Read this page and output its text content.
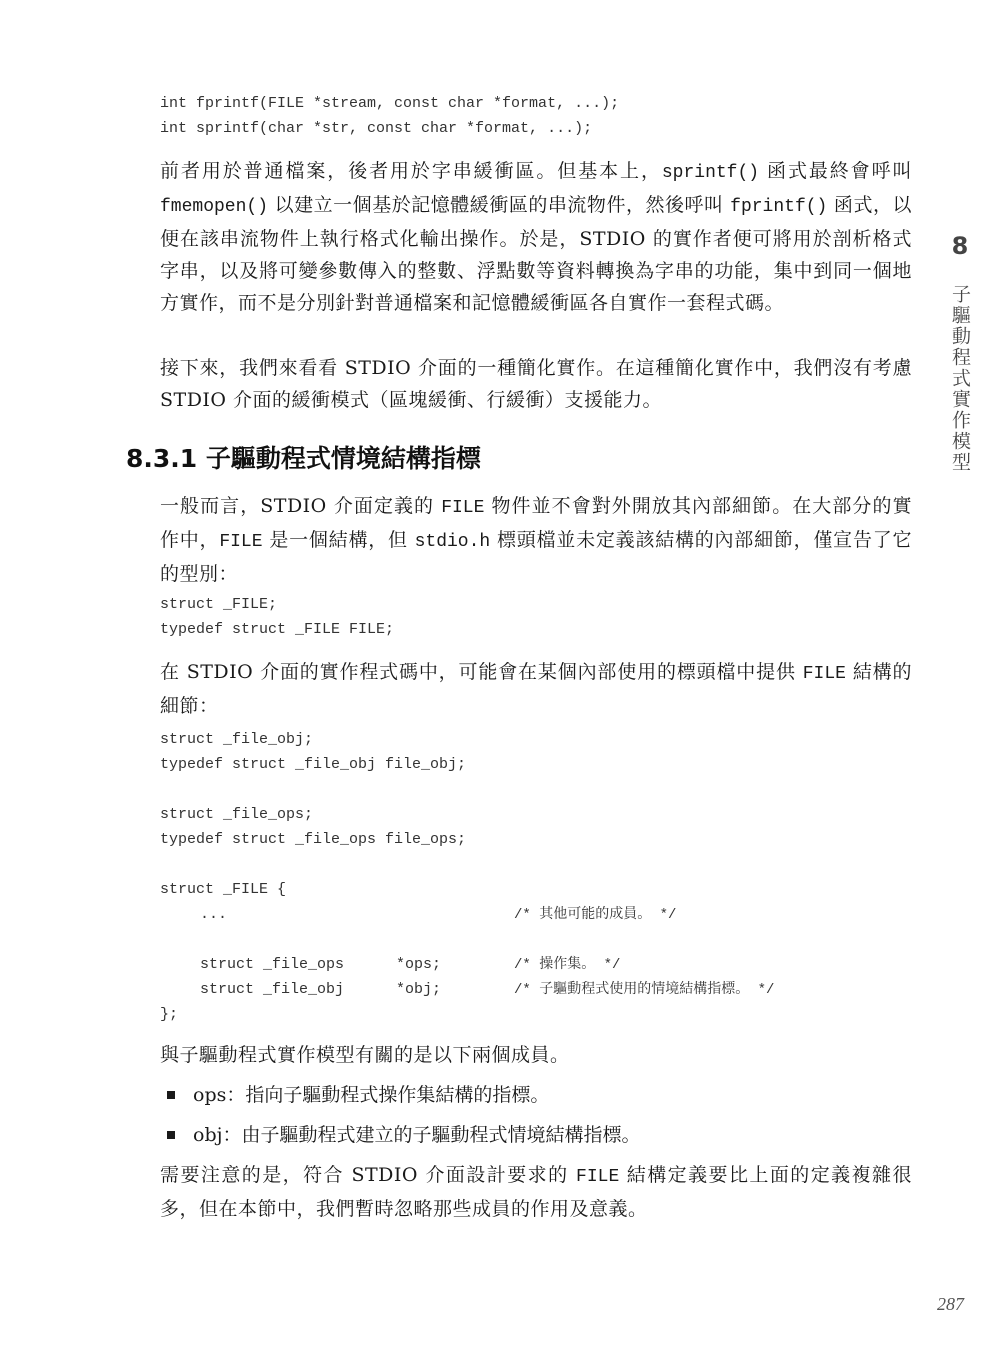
int fprintf(FILE *stream, const char *format, ...);
int sprintf(char *str, const char *format, ...);

前者用於普通檔案，後者用於字串緩衝區。但基本上，sprintf() 函式最終會呼叫 fmemopen() 以建立一個基於記憶體緩衝區的串流物件，然後呼叫 fprintf() 函式，以便在該串流物件上執行格式化輸出操作。於是，STDIO 的實作者便可將用於剖析格式字串，以及將可變參數傳入的整數、浮點數等資料轉換為字串的功能，集中到同一個地方實作，而不是分別針對普通檔案和記憶體緩衝區各自實作一套程式碼。

接下來，我們來看看 STDIO 介面的一種簡化實作。在這種簡化實作中，我們沒有考慮 STDIO 介面的緩衝模式（區塊緩衝、行緩衝）支援能力。

8.3.1 子驅動程式情境結構指標

一般而言，STDIO 介面定義的 FILE 物件並不會對外開放其內部細節。在大部分的實作中，FILE 是一個結構，但 stdio.h 標頭檔並未定義該結構的內部細節，僅宣告了它的型別：

struct _FILE;
typedef struct _FILE FILE;

在 STDIO 介面的實作程式碼中，可能會在某個內部使用的標頭檔中提供 FILE 結構的細節：

struct _file_obj;
typedef struct _file_obj file_obj;
struct _file_ops;
typedef struct _file_ops file_ops;
struct _FILE {
...	/* 其他可能的成員。 */
struct _file_ops	*ops;	/* 操作集。 */
struct _file_obj	*obj;	/* 子驅動程式使用的情境結構指標。 */
};

與子驅動程式實作模型有關的是以下兩個成員。

ops：指向子驅動程式操作集結構的指標。
obj：由子驅動程式建立的子驅動程式情境結構指標。

需要注意的是，符合 STDIO 介面設計要求的 FILE 結構定義要比上面的定義複雜很多，但在本節中，我們暫時忽略那些成員的作用及意義。

8
子驅動程式實作模型
287
